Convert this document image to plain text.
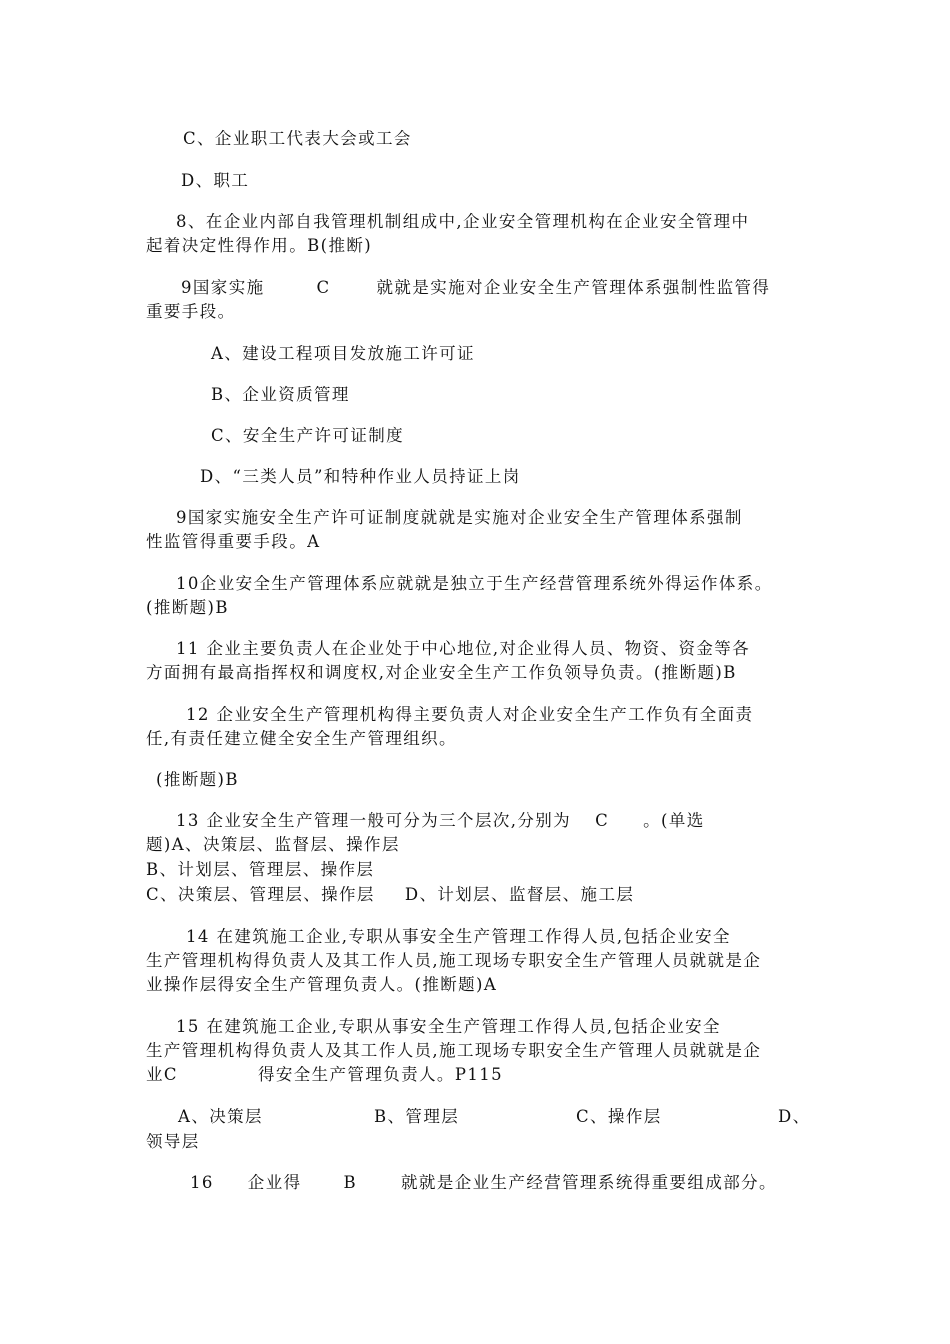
C、企业职工代表大会或工会
D、职工
8、在企业内部自我管理机制组成中,企业安全管理机构在企业安全管理中
起着决定性得作用。B(推断)
9国家实施	C	就就是实施对企业安全生产管理体系强制性监管得
重要手段。
A、建设工程项目发放施工许可证
B、企业资质管理
C、安全生产许可证制度
D、“三类人员”和特种作业人员持证上岗
9国家实施安全生产许可证制度就就是实施对企业安全生产管理体系强制
性监管得重要手段。A
10企业安全生产管理体系应就就是独立于生产经营管理系统外得运作体系。
(推断题)B
11 企业主要负责人在企业处于中心地位,对企业得人员、物资、资金等各
方面拥有最高指挥权和调度权,对企业安全生产工作负领导负责。(推断题)B
12 企业安全生产管理机构得主要负责人对企业安全生产工作负有全面责
任,有责任建立健全安全生产管理组织。
(推断题)B
13 企业安全生产管理一般可分为三个层次,分别为 C 。(单选
题)A、决策层、监督层、操作层
B、计划层、管理层、操作层
C、决策层、管理层、操作层 D、计划层、监督层、施工层
14 在建筑施工企业,专职从事安全生产管理工作得人员,包括企业安全
生产管理机构得负责人及其工作人员,施工现场专职安全生产管理人员就就是企
业操作层得安全生产管理负责人。(推断题)A
15 在建筑施工企业,专职从事安全生产管理工作得人员,包括企业安全
生产管理机构得负责人及其工作人员,施工现场专职安全生产管理人员就就是企
业C	得安全生产管理负责人。P115
A、决策层	B、管理层	C、操作层	D、
领导层
16 企业得	B	就就是企业生产经营管理系统得重要组成部分。
